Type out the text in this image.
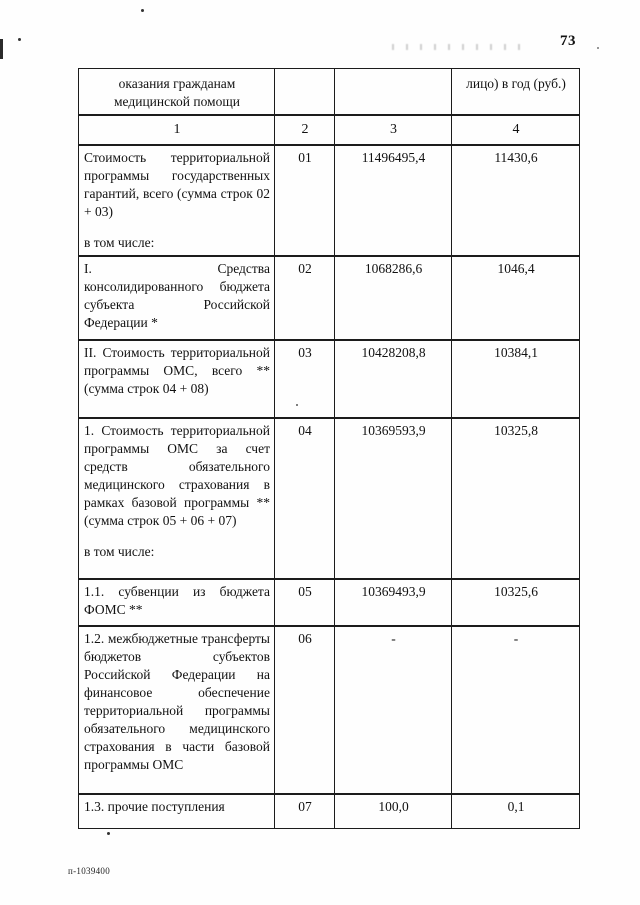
73
оказания гражданам медицинской помощи			лицо) в год (руб.)
1	2	3	4

Стоимость территориальной программы государственных гарантий, всего (сумма строк 02 + 03)
в том числе:	01	11496495,4	11430,6

I. Средства консолидированного бюджета субъекта Российской Федерации *	02	1068286,6	1046,4

II. Стоимость территориальной программы ОМС, всего ** (сумма строк 04 + 08)	03	10428208,8	10384,1

1. Стоимость территориальной программы ОМС за счет средств обязательного медицинского страхования в рамках базовой программы ** (сумма строк 05 + 06 + 07)
в том числе:	04	10369593,9	10325,8

1.1. субвенции из бюджета ФОМС **	05	10369493,9	10325,6

1.2. межбюджетные трансферты бюджетов субъектов Российской Федерации на финансовое обеспечение территориальной программы обязательного медицинского страхования в части базовой программы ОМС	06	-	-

1.3. прочие поступления	07	100,0	0,1
п-1039400
